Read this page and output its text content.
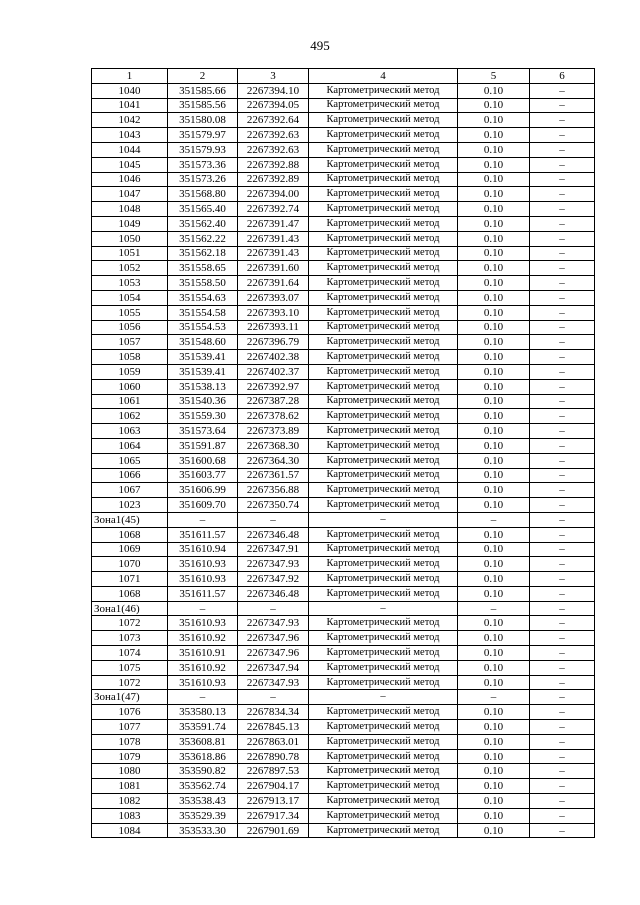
495
1	2	3	4	5	6
1040	351585.66	2267394.10	Картометрический метод	0.10	–
1041	351585.56	2267394.05	Картометрический метод	0.10	–
1042	351580.08	2267392.64	Картометрический метод	0.10	–
1043	351579.97	2267392.63	Картометрический метод	0.10	–
1044	351579.93	2267392.63	Картометрический метод	0.10	–
1045	351573.36	2267392.88	Картометрический метод	0.10	–
1046	351573.26	2267392.89	Картометрический метод	0.10	–
1047	351568.80	2267394.00	Картометрический метод	0.10	–
1048	351565.40	2267392.74	Картометрический метод	0.10	–
1049	351562.40	2267391.47	Картометрический метод	0.10	–
1050	351562.22	2267391.43	Картометрический метод	0.10	–
1051	351562.18	2267391.43	Картометрический метод	0.10	–
1052	351558.65	2267391.60	Картометрический метод	0.10	–
1053	351558.50	2267391.64	Картометрический метод	0.10	–
1054	351554.63	2267393.07	Картометрический метод	0.10	–
1055	351554.58	2267393.10	Картометрический метод	0.10	–
1056	351554.53	2267393.11	Картометрический метод	0.10	–
1057	351548.60	2267396.79	Картометрический метод	0.10	–
1058	351539.41	2267402.38	Картометрический метод	0.10	–
1059	351539.41	2267402.37	Картометрический метод	0.10	–
1060	351538.13	2267392.97	Картометрический метод	0.10	–
1061	351540.36	2267387.28	Картометрический метод	0.10	–
1062	351559.30	2267378.62	Картометрический метод	0.10	–
1063	351573.64	2267373.89	Картометрический метод	0.10	–
1064	351591.87	2267368.30	Картометрический метод	0.10	–
1065	351600.68	2267364.30	Картометрический метод	0.10	–
1066	351603.77	2267361.57	Картометрический метод	0.10	–
1067	351606.99	2267356.88	Картометрический метод	0.10	–
1023	351609.70	2267350.74	Картометрический метод	0.10	–
Зона1(45)	–	–	–	–	–
1068	351611.57	2267346.48	Картометрический метод	0.10	–
1069	351610.94	2267347.91	Картометрический метод	0.10	–
1070	351610.93	2267347.93	Картометрический метод	0.10	–
1071	351610.93	2267347.92	Картометрический метод	0.10	–
1068	351611.57	2267346.48	Картометрический метод	0.10	–
Зона1(46)	–	–	–	–	–
1072	351610.93	2267347.93	Картометрический метод	0.10	–
1073	351610.92	2267347.96	Картометрический метод	0.10	–
1074	351610.91	2267347.96	Картометрический метод	0.10	–
1075	351610.92	2267347.94	Картометрический метод	0.10	–
1072	351610.93	2267347.93	Картометрический метод	0.10	–
Зона1(47)	–	–	–	–	–
1076	353580.13	2267834.34	Картометрический метод	0.10	–
1077	353591.74	2267845.13	Картометрический метод	0.10	–
1078	353608.81	2267863.01	Картометрический метод	0.10	–
1079	353618.86	2267890.78	Картометрический метод	0.10	–
1080	353590.82	2267897.53	Картометрический метод	0.10	–
1081	353562.74	2267904.17	Картометрический метод	0.10	–
1082	353538.43	2267913.17	Картометрический метод	0.10	–
1083	353529.39	2267917.34	Картометрический метод	0.10	–
1084	353533.30	2267901.69	Картометрический метод	0.10	–
